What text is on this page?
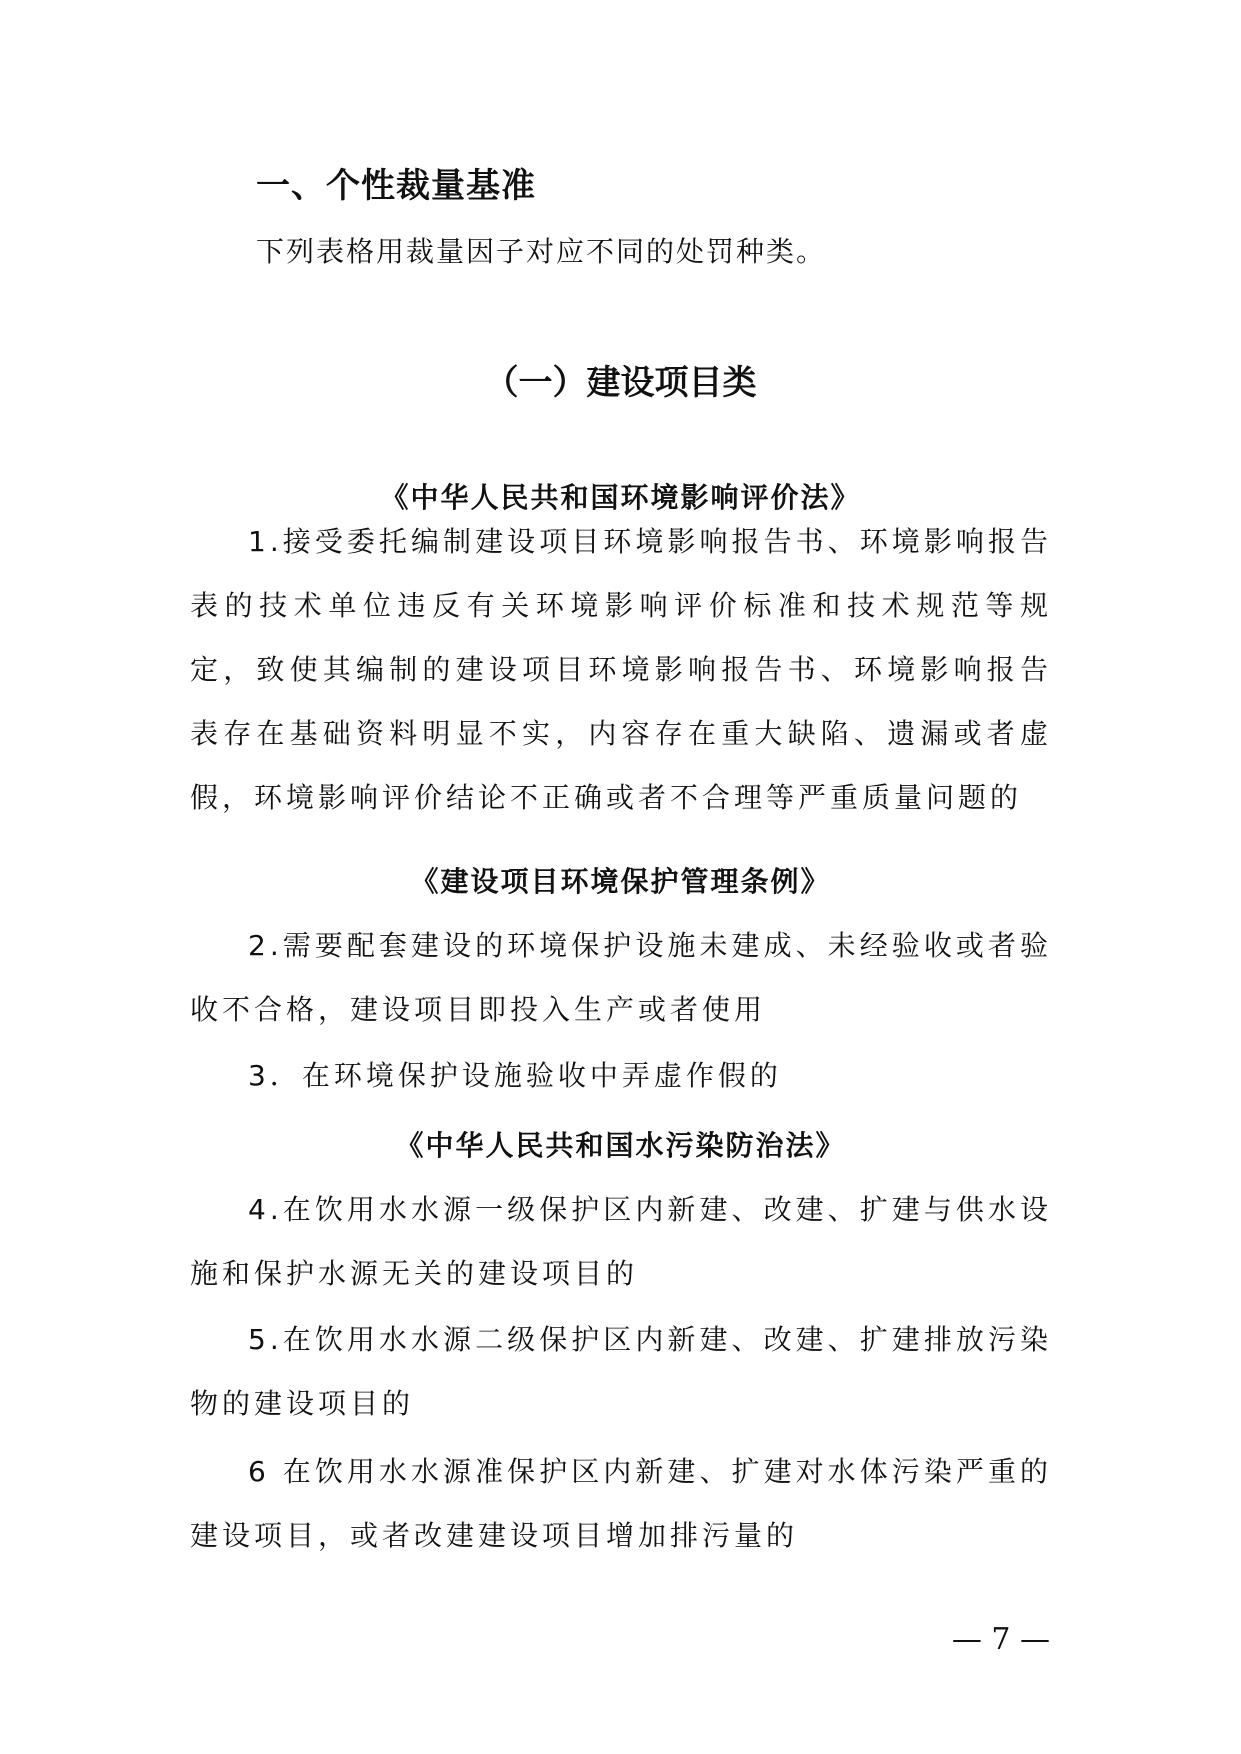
一、个性裁量基准
下列表格用裁量因子对应不同的处罚种类。
（一）建设项目类
《中华人民共和国环境影响评价法》
1.接受委托编制建设项目环境影响报告书、环境影响报告表的技术单位违反有关环境影响评价标准和技术规范等规定，致使其编制的建设项目环境影响报告书、环境影响报告表存在基础资料明显不实，内容存在重大缺陷、遗漏或者虚假，环境影响评价结论不正确或者不合理等严重质量问题的
《建设项目环境保护管理条例》
2.需要配套建设的环境保护设施未建成、未经验收或者验收不合格，建设项目即投入生产或者使用
3．在环境保护设施验收中弄虚作假的
《中华人民共和国水污染防治法》
4.在饮用水水源一级保护区内新建、改建、扩建与供水设施和保护水源无关的建设项目的
5.在饮用水水源二级保护区内新建、改建、扩建排放污染物的建设项目的
6 在饮用水水源准保护区内新建、扩建对水体污染严重的建设项目，或者改建建设项目增加排污量的
— 7 —
